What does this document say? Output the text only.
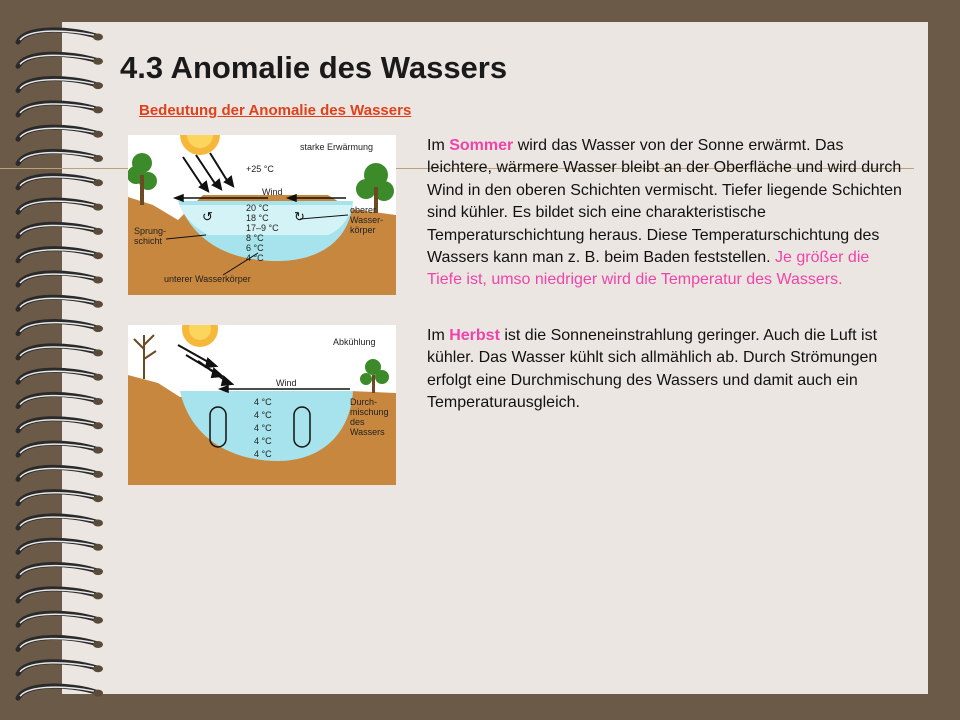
4.3 Anomalie des Wassers
Bedeutung der Anomalie des Wassers
↺	↻
starke Erwärmung
+25 °C
Wind
20 °C
18 °C
17–9 °C
8 °C
6 °C
4 °C
Sprung-schicht
oberer Wasser-körper
unterer Wasserkörper
Abkühlung
Wind
4 °C
4 °C
4 °C
4 °C
4 °C
Durch-mischung des Wassers

Im Sommer wird das Wasser von der Sonne erwärmt. Das leichtere, wärmere Wasser bleibt an der Oberfläche und wird durch Wind in den oberen Schichten vermischt. Tiefer liegende Schichten sind kühler. Es bildet sich eine charakteristische Temperaturschichtung heraus. Diese Temperaturschichtung des Wassers kann man z. B. beim Baden feststellen. Je größer die Tiefe ist, umso niedriger wird die Temperatur des Wassers.

Im Herbst ist die Sonneneinstrahlung geringer. Auch die Luft ist kühler. Das Wasser kühlt sich allmählich ab. Durch Strömungen erfolgt eine Durchmischung des Wassers und damit auch ein Temperaturausgleich.
